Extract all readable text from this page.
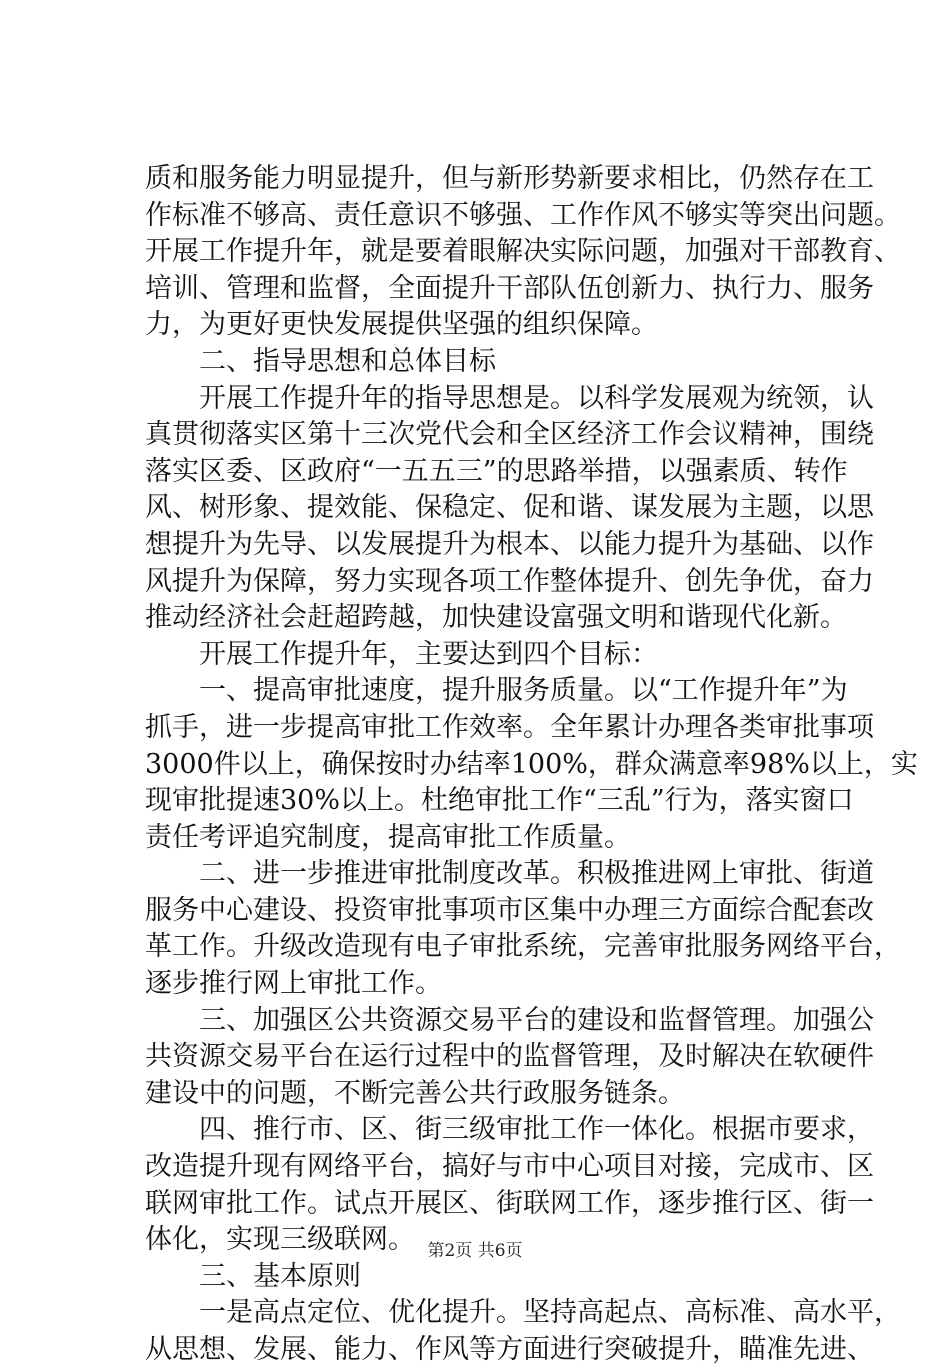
质和服务能力明显提升，但与新形势新要求相比，仍然存在工
作标准不够高、责任意识不够强、工作作风不够实等突出问题。
开展工作提升年，就是要着眼解决实际问题，加强对干部教育、
培训、管理和监督，全面提升干部队伍创新力、执行力、服务
力，为更好更快发展提供坚强的组织保障。
　　二、指导思想和总体目标
　　开展工作提升年的指导思想是。以科学发展观为统领，认
真贯彻落实区第十三次党代会和全区经济工作会议精神，围绕
落实区委、区政府“一五五三”的思路举措，以强素质、转作
风、树形象、提效能、保稳定、促和谐、谋发展为主题，以思
想提升为先导、以发展提升为根本、以能力提升为基础、以作
风提升为保障，努力实现各项工作整体提升、创先争优，奋力
推动经济社会赶超跨越，加快建设富强文明和谐现代化新。
　　开展工作提升年，主要达到四个目标：
　　一、提高审批速度，提升服务质量。以“工作提升年”为
抓手，进一步提高审批工作效率。全年累计办理各类审批事项
3000件以上，确保按时办结率100%，群众满意率98%以上，实
现审批提速30%以上。杜绝审批工作“三乱”行为，落实窗口
责任考评追究制度，提高审批工作质量。
　　二、进一步推进审批制度改革。积极推进网上审批、街道
服务中心建设、投资审批事项市区集中办理三方面综合配套改
革工作。升级改造现有电子审批系统，完善审批服务网络平台，
逐步推行网上审批工作。
　　三、加强区公共资源交易平台的建设和监督管理。加强公
共资源交易平台在运行过程中的监督管理，及时解决在软硬件
建设中的问题，不断完善公共行政服务链条。
　　四、推行市、区、街三级审批工作一体化。根据市要求，
改造提升现有网络平台，搞好与市中心项目对接，完成市、区
联网审批工作。试点开展区、街联网工作，逐步推行区、街一
体化，实现三级联网。
　　三、基本原则
　　一是高点定位、优化提升。坚持高起点、高标准、高水平，
从思想、发展、能力、作风等方面进行突破提升，瞄准先进、
第2页 共6页
